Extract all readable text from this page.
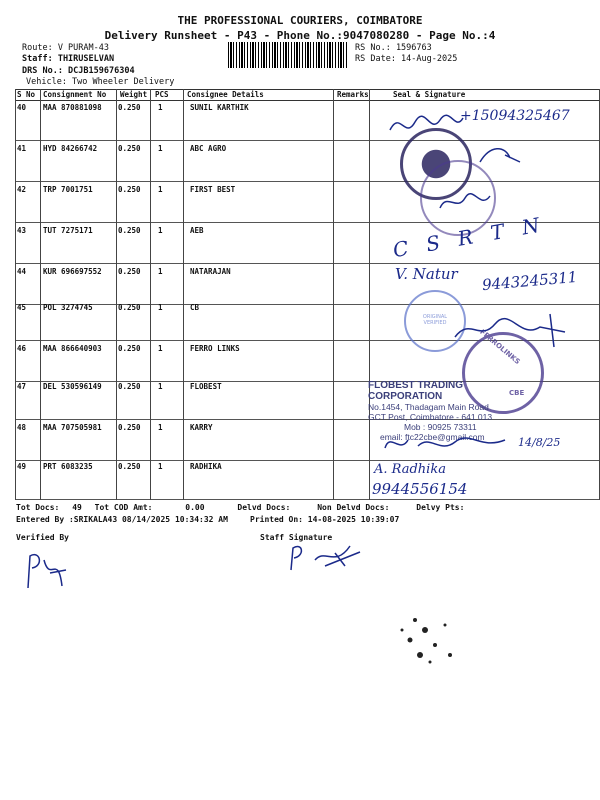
THE PROFESSIONAL COURIERS, COIMBATORE
Delivery Runsheet - P43 - Phone No.:9047080280 - Page No.:4
Route: V PURAM-43
Staff: THIRUSELVAN
DRS No.: DCJB159676304
Vehicle: Two Wheeler Delivery
RS No.: 1596763
RS Date: 14-Aug-2025
S No Consignment No Weight PCS Consignee Details	Remarks	Seal & Signature
40 MAA 870881098 0.250 1	SUNIL KARTHIK
41 HYD 84266742	0.250 1	ABC AGRO
42 TRP 7001751	0.250 1	FIRST BEST
43 TUT 7275171	0.250 1	AEB
44 KUR 696697552 0.250 1	NATARAJAN
45 POL 3274745	0.250 1	CB
46 MAA 866640903 0.250 1	FERRO LINKS
47 DEL 530596149 0.250 1	FLOBEST
48 MAA 707505981 0.250 1	KARRY
49 PRT 6083235	0.250 1	RADHIKA
ORIGINAL VERIFIED
FERROLINKS
CBE
FLOBEST TRADING CORPORATION
No.1454, Thadagam Main Road
GCT Post, Coimbatore - 641 013
Mob : 90925 73311
email: ftc22cbe@gmail.com
+15094325467
C S R T N
V. Natur 9443245311
14/8/25
A. Radhika
9944556154
Tot Docs: 49 Tot COD Amt:	0.00	Delvd Docs:	Non Delvd Docs:	Delvy Pts:
Entered By :SRIKALA43 08/14/2025 10:34:32 AM	Printed On: 14-08-2025 10:39:07
Verified By	Staff Signature
